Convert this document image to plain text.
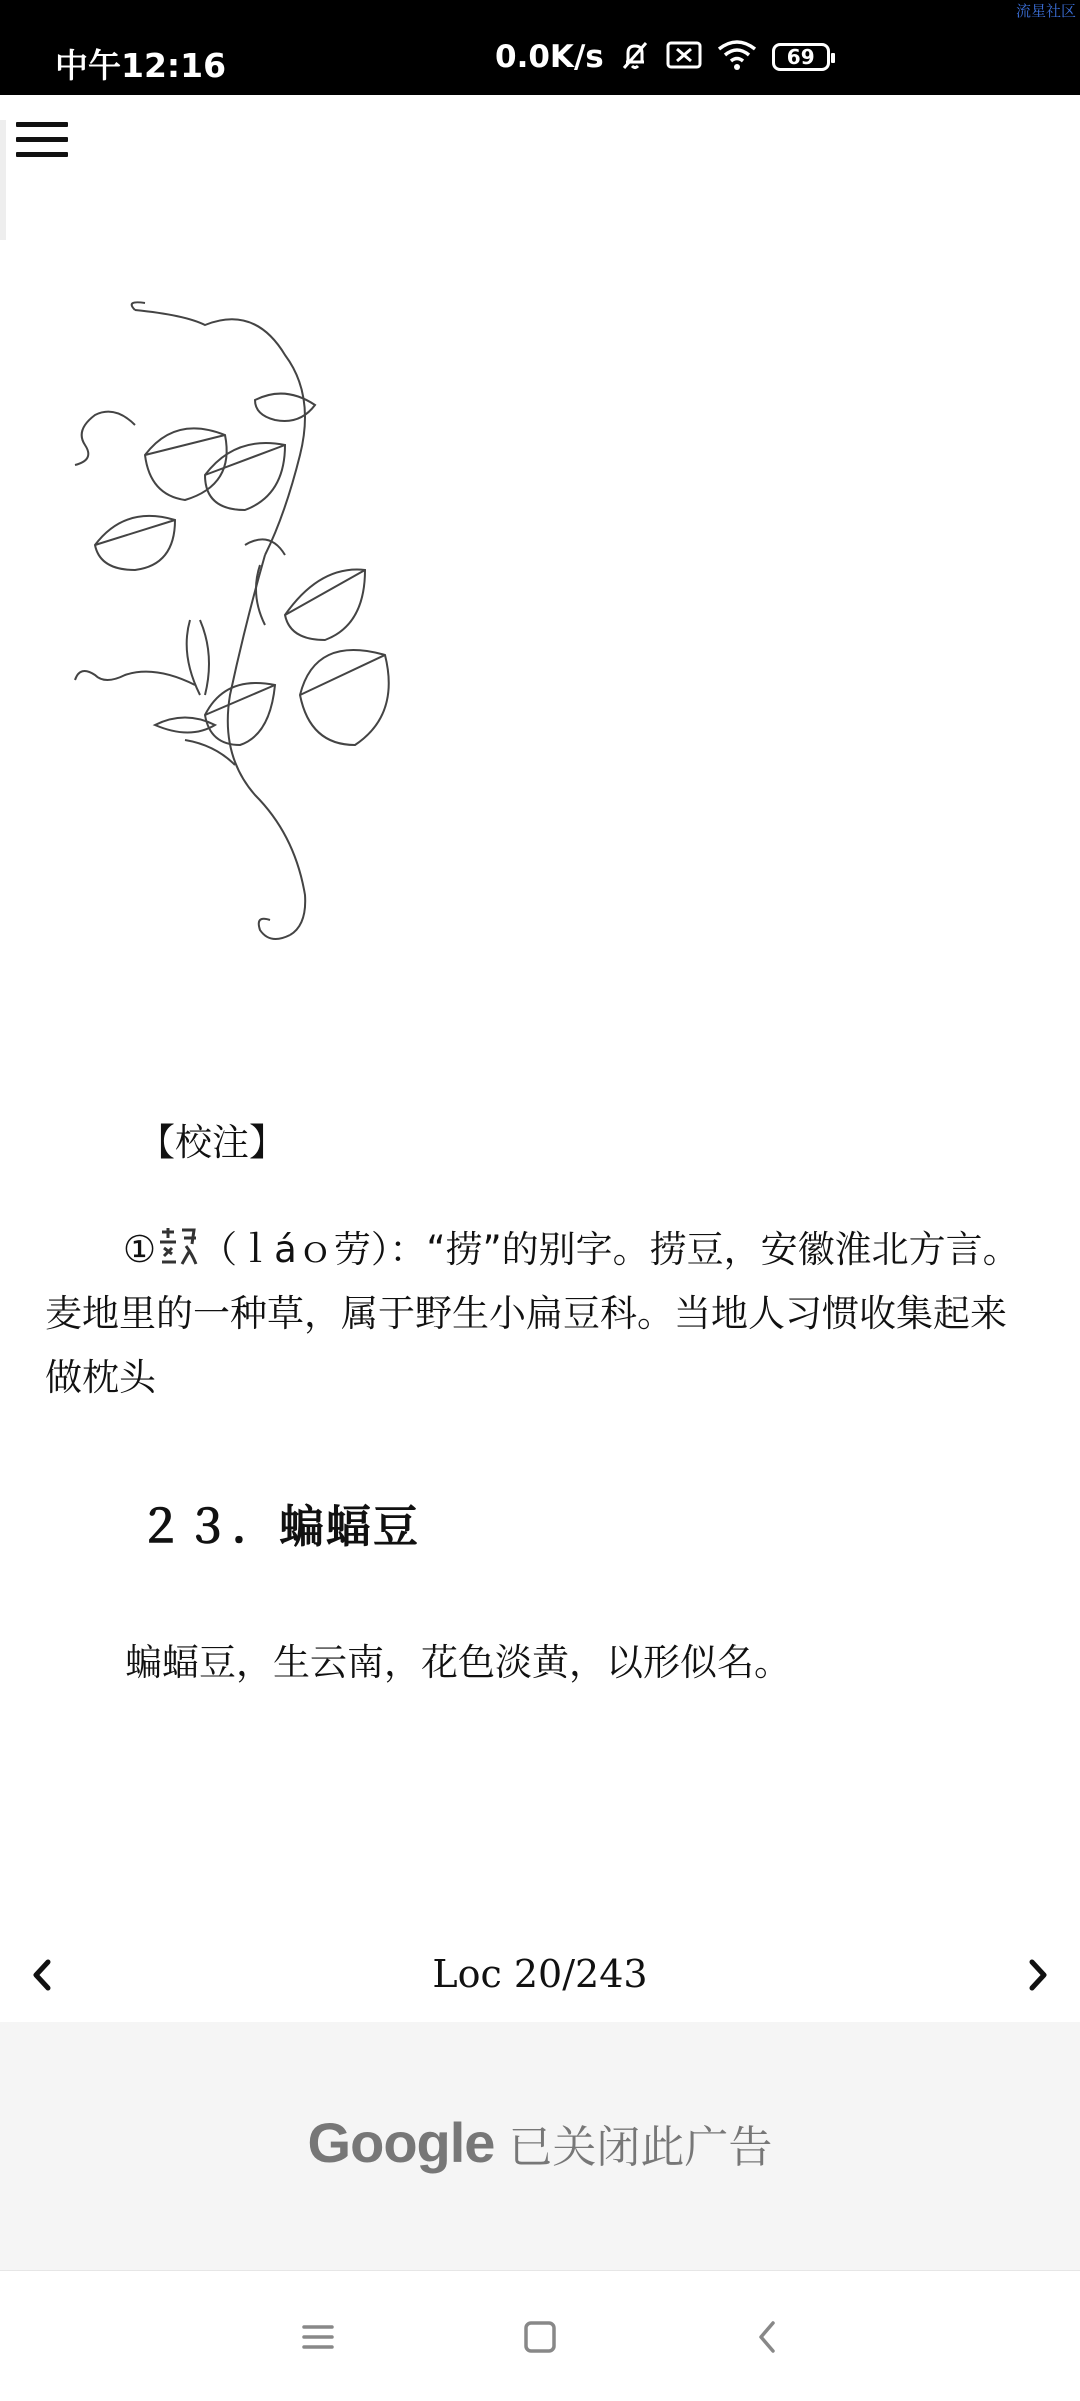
中午12:16	0.0K/s	69
流星社区
【校注】
① （ｌáｏ劳）：“捞”的别字。捞豆，安徽淮北方言。麦地里的一种草，属于野生小扁豆科。当地人习惯收集起来做枕头
２３．蝙蝠豆
蝙蝠豆，生云南，花色淡黄，以形似名。
Loc 20/243
Google 已关闭此广告
